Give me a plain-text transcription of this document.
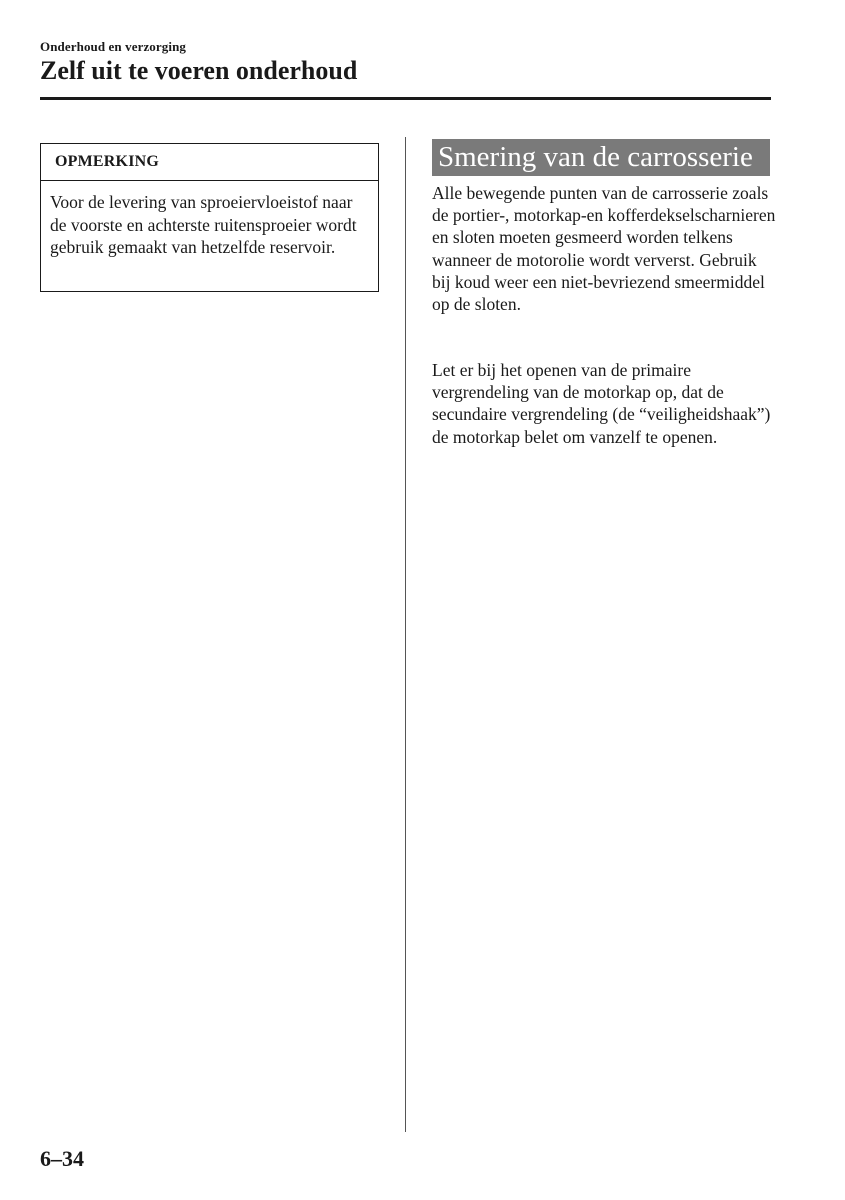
Onderhoud en verzorging
Zelf uit te voeren onderhoud
OPMERKING
Voor de levering van sproeiervloeistof naar de voorste en achterste ruitensproeier wordt gebruik gemaakt van hetzelfde reservoir.
Smering van de carrosserie
Alle bewegende punten van de carrosserie zoals de portier-, motorkap-en kofferdekselscharnieren en sloten moeten gesmeerd worden telkens wanneer de motorolie wordt ververst. Gebruik bij koud weer een niet-bevriezend smeermiddel op de sloten.
Let er bij het openen van de primaire vergrendeling van de motorkap op, dat de secundaire vergrendeling (de “veiligheidshaak”) de motorkap belet om vanzelf te openen.
6–34
